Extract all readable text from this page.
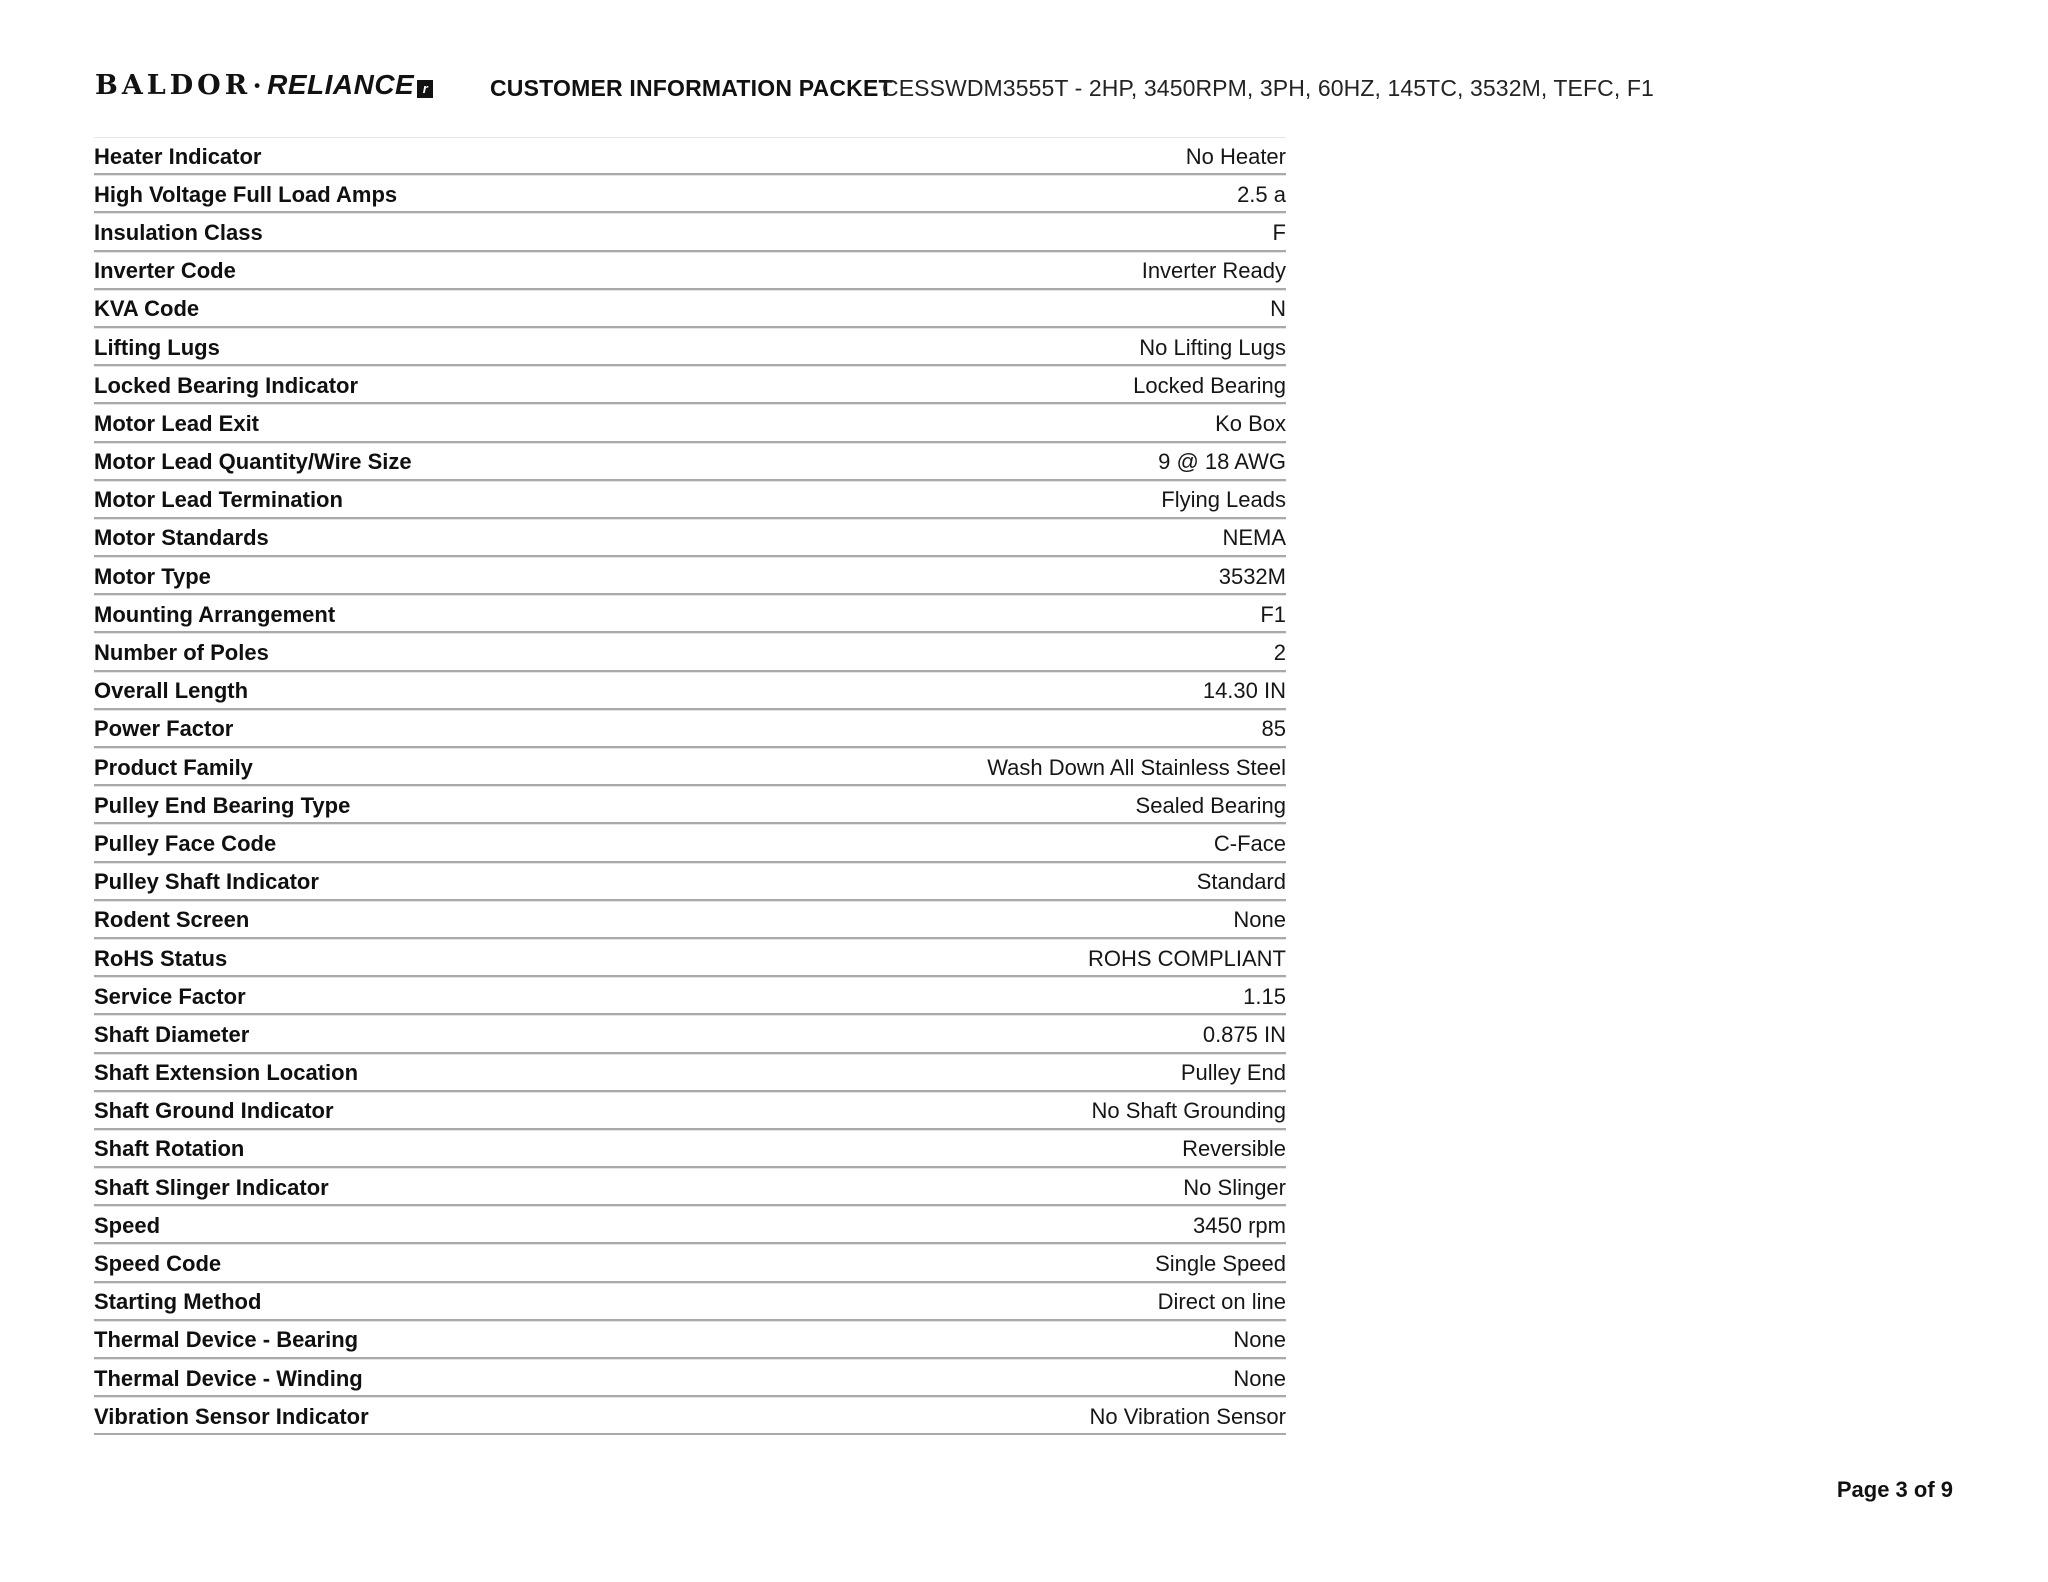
BALDOR • RELIANCE r	CUSTOMER INFORMATION PACKET
CESSWDM3555T - 2HP, 3450RPM, 3PH, 60HZ, 145TC, 3532M, TEFC, F1
Heater Indicator	No Heater
High Voltage Full Load Amps	2.5 a
Insulation Class	F
Inverter Code	Inverter Ready
KVA Code	N
Lifting Lugs	No Lifting Lugs
Locked Bearing Indicator	Locked Bearing
Motor Lead Exit	Ko Box
Motor Lead Quantity/Wire Size	9 @ 18 AWG
Motor Lead Termination	Flying Leads
Motor Standards	NEMA
Motor Type	3532M
Mounting Arrangement	F1
Number of Poles	2
Overall Length	14.30 IN
Power Factor	85
Product Family	Wash Down All Stainless Steel
Pulley End Bearing Type	Sealed Bearing
Pulley Face Code	C-Face
Pulley Shaft Indicator	Standard
Rodent Screen	None
RoHS Status	ROHS COMPLIANT
Service Factor	1.15
Shaft Diameter	0.875 IN
Shaft Extension Location	Pulley End
Shaft Ground Indicator	No Shaft Grounding
Shaft Rotation	Reversible
Shaft Slinger Indicator	No Slinger
Speed	3450 rpm
Speed Code	Single Speed
Starting Method	Direct on line
Thermal Device - Bearing	None
Thermal Device - Winding	None
Vibration Sensor Indicator	No Vibration Sensor
Page 3 of 9
